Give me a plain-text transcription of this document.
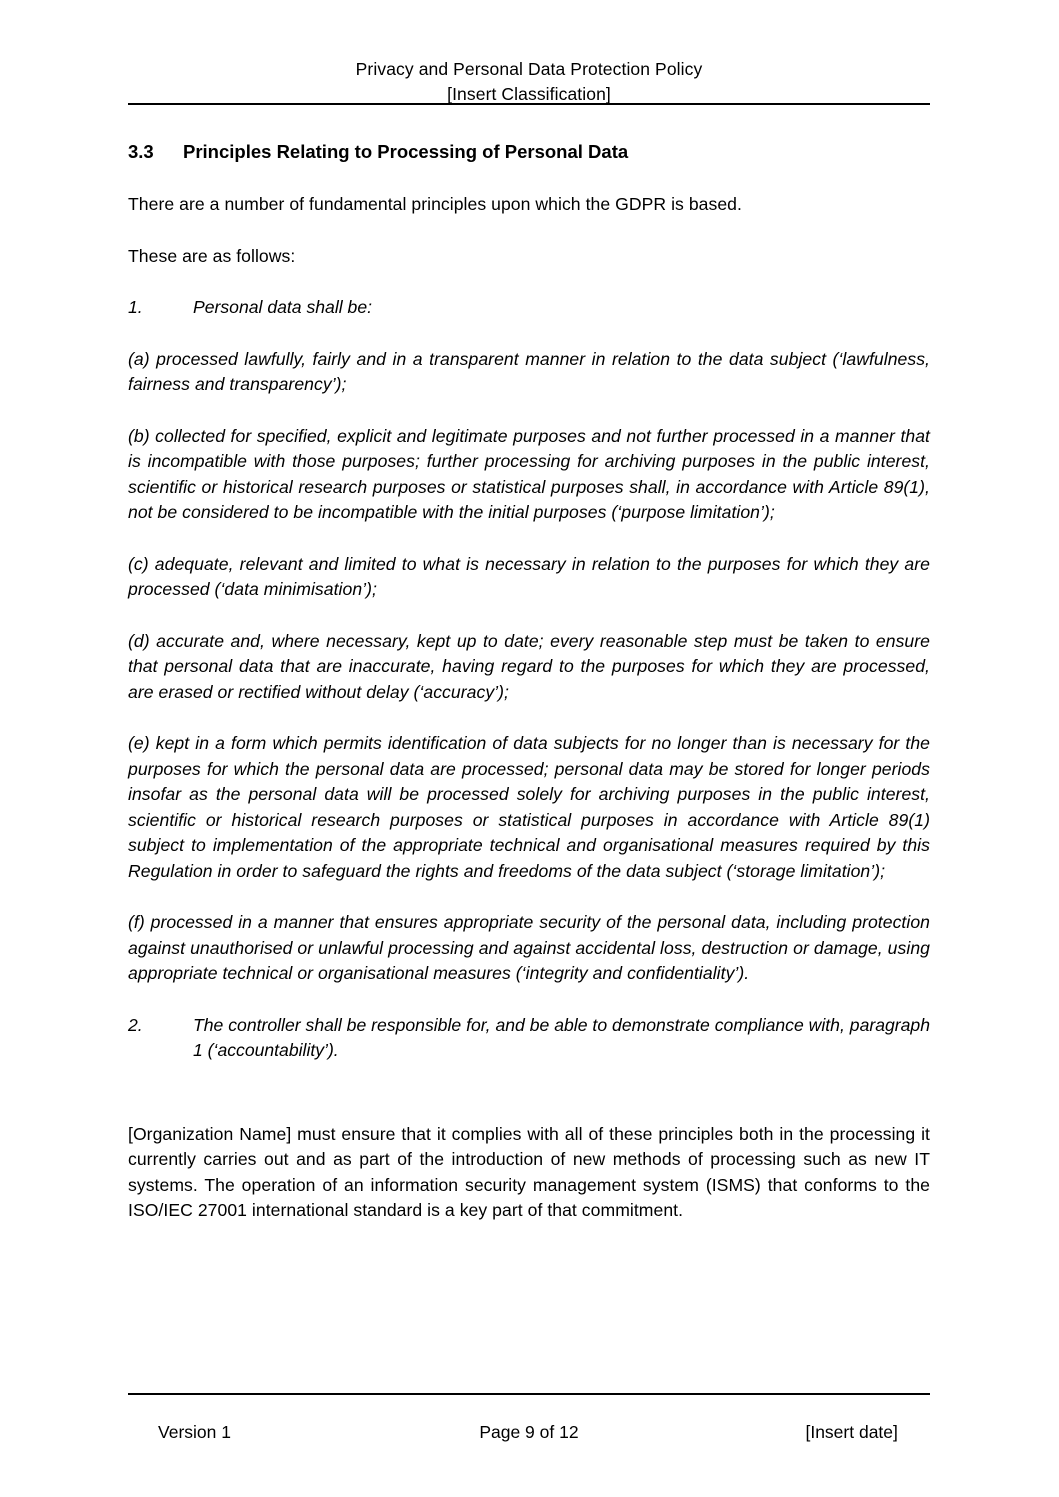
Privacy and Personal Data Protection Policy
[Insert Classification]
3.3	Principles Relating to Processing of Personal Data

There are a number of fundamental principles upon which the GDPR is based.

These are as follows:

1.	Personal data shall be:

(a) processed lawfully, fairly and in a transparent manner in relation to the data subject (‘lawfulness, fairness and transparency’);

(b) collected for specified, explicit and legitimate purposes and not further processed in a manner that is incompatible with those purposes; further processing for archiving purposes in the public interest, scientific or historical research purposes or statistical purposes shall, in accordance with Article 89(1), not be considered to be incompatible with the initial purposes (‘purpose limitation’);

(c) adequate, relevant and limited to what is necessary in relation to the purposes for which they are processed (‘data minimisation’);

(d) accurate and, where necessary, kept up to date; every reasonable step must be taken to ensure that personal data that are inaccurate, having regard to the purposes for which they are processed, are erased or rectified without delay (‘accuracy’);

(e) kept in a form which permits identification of data subjects for no longer than is necessary for the purposes for which the personal data are processed; personal data may be stored for longer periods insofar as the personal data will be processed solely for archiving purposes in the public interest, scientific or historical research purposes or statistical purposes in accordance with Article 89(1) subject to implementation of the appropriate technical and organisational measures required by this Regulation in order to safeguard the rights and freedoms of the data subject (‘storage limitation’);

(f) processed in a manner that ensures appropriate security of the personal data, including protection against unauthorised or unlawful processing and against accidental loss, destruction or damage, using appropriate technical or organisational measures (‘integrity and confidentiality’).

2.	The controller shall be responsible for, and be able to demonstrate compliance with, paragraph 1 (‘accountability’).

[Organization Name] must ensure that it complies with all of these principles both in the processing it currently carries out and as part of the introduction of new methods of processing such as new IT systems. The operation of an information security management system (ISMS) that conforms to the ISO/IEC 27001 international standard is a key part of that commitment.

Version 1	Page 9 of 12	[Insert date]
